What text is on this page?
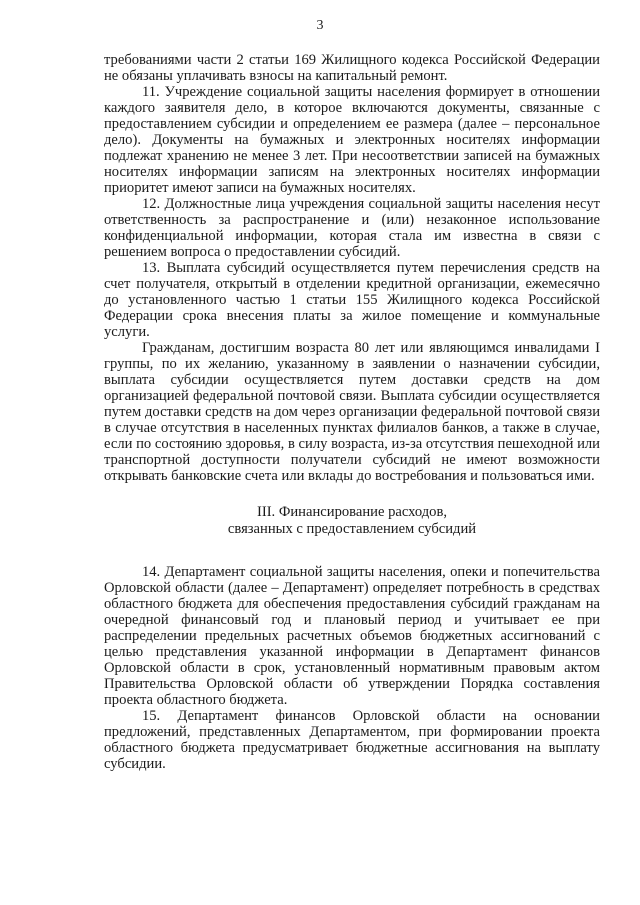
3

требованиями части 2 статьи 169 Жилищного кодекса Российской Федерации не обязаны уплачивать взносы на капитальный ремонт.

11. Учреждение социальной защиты населения формирует в отношении каждого заявителя дело, в которое включаются документы, связанные с предоставлением субсидии и определением ее размера (далее – персональное дело). Документы на бумажных и электронных носителях информации подлежат хранению не менее 3 лет. При несоответствии записей на бумажных носителях информации записям на электронных носителях информации приоритет имеют записи на бумажных носителях.

12. Должностные лица учреждения социальной защиты населения несут ответственность за распространение и (или) незаконное использование конфиденциальной информации, которая стала им известна в связи с решением вопроса о предоставлении субсидий.

13. Выплата субсидий осуществляется путем перечисления средств на счет получателя, открытый в отделении кредитной организации, ежемесячно до установленного частью 1 статьи 155 Жилищного кодекса Российской Федерации срока внесения платы за жилое помещение и коммунальные услуги.

Гражданам, достигшим возраста 80 лет или являющимся инвалидами I группы, по их желанию, указанному в заявлении о назначении субсидии, выплата субсидии осуществляется путем доставки средств на дом организацией федеральной почтовой связи. Выплата субсидии осуществляется путем доставки средств на дом через организации федеральной почтовой связи в случае отсутствия в населенных пунктах филиалов банков, а также в случае, если по состоянию здоровья, в силу возраста, из-за отсутствия пешеходной или транспортной доступности получатели субсидий не имеют возможности открывать банковские счета или вклады до востребования и пользоваться ими.

III. Финансирование расходов,
связанных с предоставлением субсидий

14. Департамент социальной защиты населения, опеки и попечительства Орловской области (далее – Департамент) определяет потребность в средствах областного бюджета для обеспечения предоставления субсидий гражданам на очередной финансовый год и плановый период и учитывает ее при распределении предельных расчетных объемов бюджетных ассигнований с целью представления указанной информации в Департамент финансов Орловской области в срок, установленный нормативным правовым актом Правительства Орловской области об утверждении Порядка составления проекта областного бюджета.

15. Департамент финансов Орловской области на основании предложений, представленных Департаментом, при формировании проекта областного бюджета предусматривает бюджетные ассигнования на выплату субсидии.
